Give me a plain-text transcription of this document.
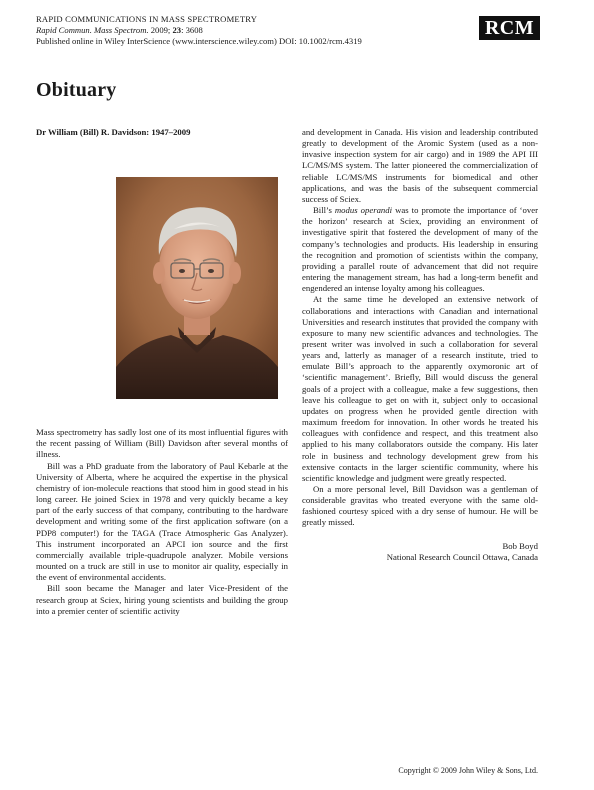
RAPID COMMUNICATIONS IN MASS SPECTROMETRY
Rapid Commun. Mass Spectrom. 2009; 23: 3608
Published online in Wiley InterScience (www.interscience.wiley.com) DOI: 10.1002/rcm.4319
RCM
Obituary
Dr William (Bill) R. Davidson: 1947–2009

Mass spectrometry has sadly lost one of its most influential figures with the recent passing of William (Bill) Davidson after several months of illness.

Bill was a PhD graduate from the laboratory of Paul Kebarle at the University of Alberta, where he acquired the expertise in the physical chemistry of ion-molecule reactions that stood him in good stead in his long career. He joined Sciex in 1978 and very quickly became a key part of the early success of that company, contributing to the hardware development and writing some of the first application software (on a PDP8 computer!) for the TAGA (Trace Atmospheric Gas Analyzer). This instrument incorporated an APCI ion source and the first commercially available triple-quadrupole analyzer. Mobile versions mounted on a truck are still in use to monitor air quality, especially in the event of environmental accidents.

Bill soon became the Manager and later Vice-President of the research group at Sciex, hiring young scientists and building the group into a premier center of scientific activity

and development in Canada. His vision and leadership contributed greatly to development of the Aromic System (used as a non-invasive inspection system for air cargo) and in 1989 the API III LC/MS/MS system. The latter pioneered the commercialization of reliable LC/MS/MS instruments for biomedical and other applications, and was the basis of the subsequent commercial success of Sciex.

Bill’s modus operandi was to promote the importance of ‘over the horizon’ research at Sciex, providing an environment of investigative spirit that fostered the development of many of the company’s technologies and products. His leadership in ensuring the recognition and promotion of scientists within the company, providing a parallel route of advancement that did not require entering the management stream, has had a long-term benefit and engendered an intense loyalty among his colleagues.

At the same time he developed an extensive network of collaborations and interactions with Canadian and international Universities and research institutes that provided the company with exposure to many new scientific advances and technologies. The present writer was involved in such a collaboration for several years and, latterly as manager of a research institute, tried to emulate Bill’s approach to the apparently oxymoronic art of ‘scientific management’. Briefly, Bill would discuss the general goals of a project with a colleague, make a few suggestions, then leave his colleague to get on with it, subject only to occasional updates on progress when he provided gentle direction with maximum freedom for innovation. In other words he treated his colleagues with confidence and respect, and this treatment also applied to his many collaborators outside the company. His later role in business and technology development grew from his extensive contacts in the larger scientific community, where his scientific knowledge and judgment were greatly respected.

On a more personal level, Bill Davidson was a gentleman of considerable gravitas who treated everyone with the same old-fashioned courtesy spiced with a dry sense of humour. He will be greatly missed.

Bob Boyd
National Research Council Ottawa, Canada
Copyright © 2009 John Wiley & Sons, Ltd.
